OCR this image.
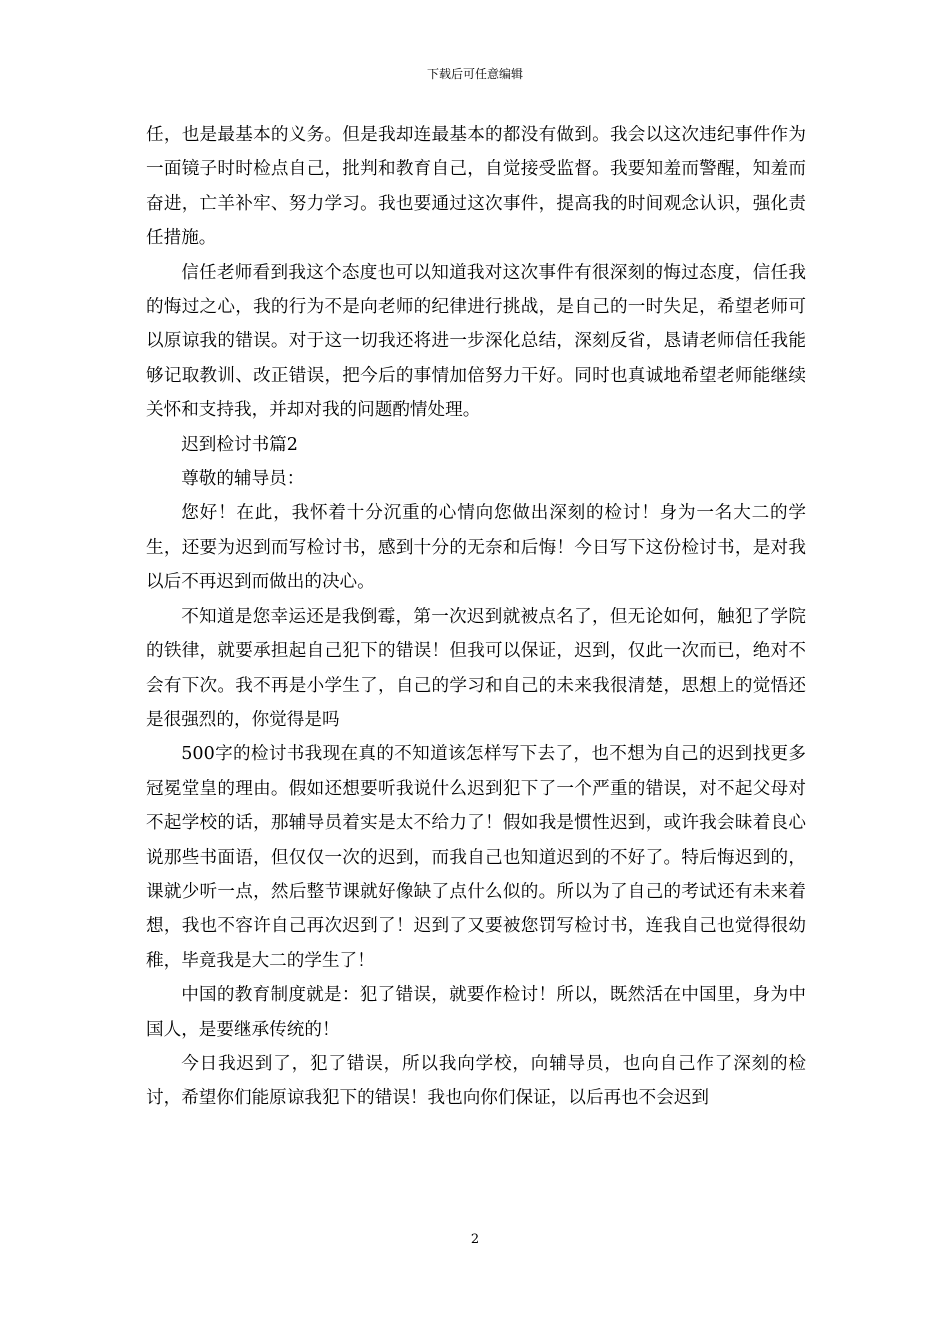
下载后可任意编辑

任，也是最基本的义务。但是我却连最基本的都没有做到。我会以这次违纪事件作为一面镜子时时检点自己，批判和教育自己，自觉接受监督。我要知羞而警醒，知羞而奋进，亡羊补牢、努力学习。我也要通过这次事件，提高我的时间观念认识，强化责任措施。

信任老师看到我这个态度也可以知道我对这次事件有很深刻的悔过态度，信任我的悔过之心，我的行为不是向老师的纪律进行挑战，是自己的一时失足，希望老师可以原谅我的错误。对于这一切我还将进一步深化总结，深刻反省，恳请老师信任我能够记取教训、改正错误，把今后的事情加倍努力干好。同时也真诚地希望老师能继续关怀和支持我，并却对我的问题酌情处理。

迟到检讨书篇2

尊敬的辅导员：

您好！在此，我怀着十分沉重的心情向您做出深刻的检讨！身为一名大二的学生，还要为迟到而写检讨书，感到十分的无奈和后悔！今日写下这份检讨书，是对我以后不再迟到而做出的决心。

不知道是您幸运还是我倒霉，第一次迟到就被点名了，但无论如何，触犯了学院的铁律，就要承担起自己犯下的错误！但我可以保证，迟到，仅此一次而已，绝对不会有下次。我不再是小学生了，自己的学习和自己的未来我很清楚，思想上的觉悟还是很强烈的，你觉得是吗

500字的检讨书我现在真的不知道该怎样写下去了，也不想为自己的迟到找更多冠冕堂皇的理由。假如还想要听我说什么迟到犯下了一个严重的错误，对不起父母对不起学校的话，那辅导员着实是太不给力了！假如我是惯性迟到，或许我会昧着良心说那些书面语，但仅仅一次的迟到，而我自己也知道迟到的不好了。特后悔迟到的，课就少听一点，然后整节课就好像缺了点什么似的。所以为了自己的考试还有未来着想，我也不容许自己再次迟到了！迟到了又要被您罚写检讨书，连我自己也觉得很幼稚，毕竟我是大二的学生了！

中国的教育制度就是：犯了错误，就要作检讨！所以，既然活在中国里，身为中国人，是要继承传统的！

今日我迟到了，犯了错误，所以我向学校，向辅导员，也向自己作了深刻的检讨，希望你们能原谅我犯下的错误！我也向你们保证，以后再也不会迟到

2
